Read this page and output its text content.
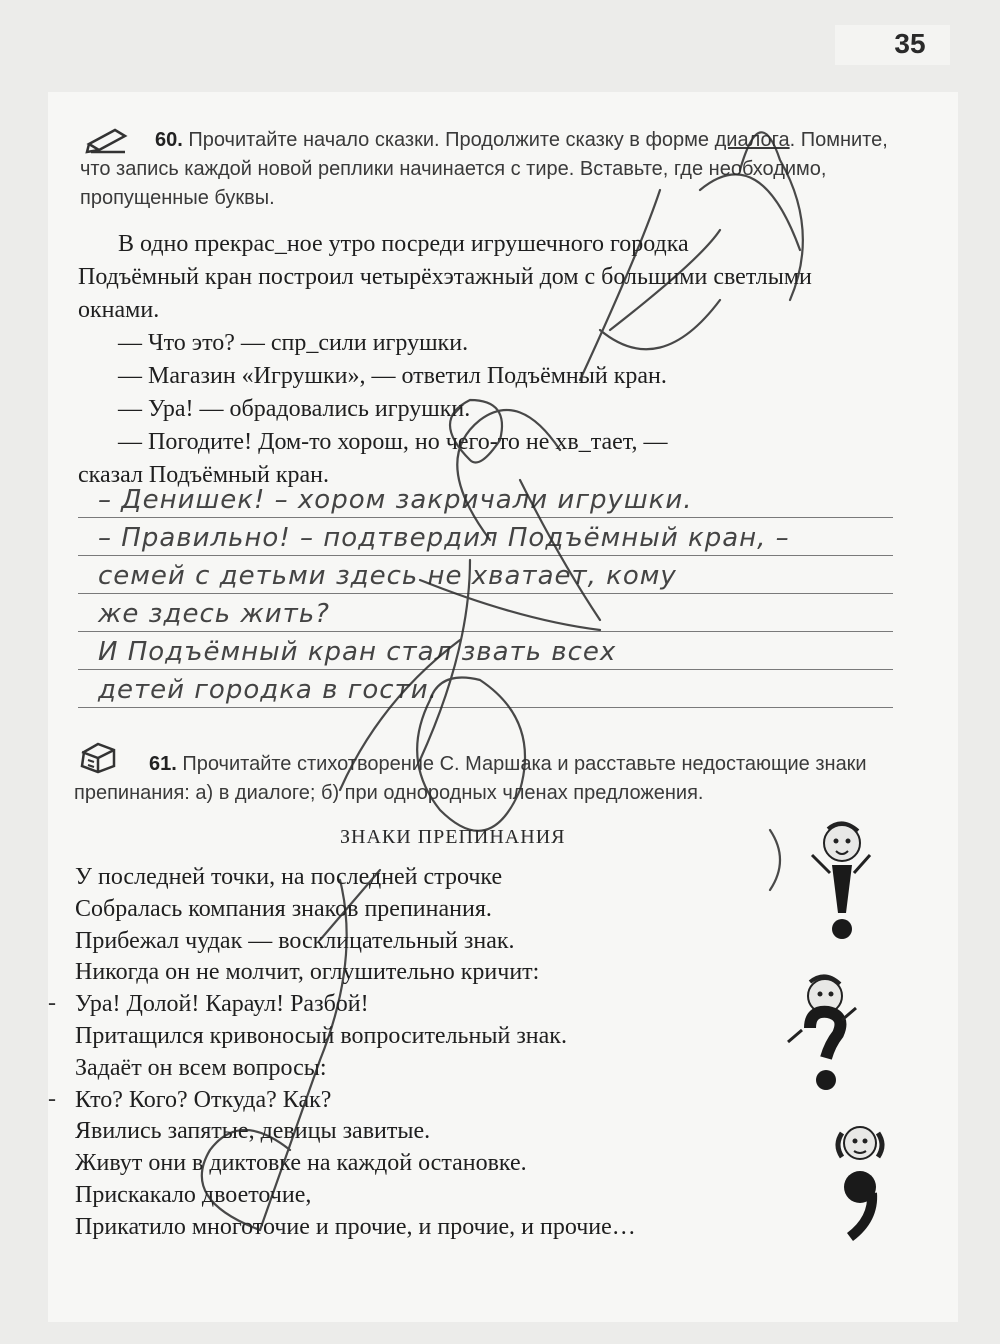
35
60. Прочитайте начало сказки. Продолжите сказку в форме диалога. Помните, что запись каждой новой реплики начинается с тире. Вставьте, где необходимо, пропущенные буквы.

В одно прекрас_ное утро посреди игрушечного городка

Подъёмный кран построил четырёхэтажный дом с большими светлыми окнами.

— Что это? — спр_сили игрушки.

— Магазин «Игрушки», — ответил Подъёмный кран.

— Ура! — обрадовались игрушки.

— Погодите! Дом-то хорош, но чего-то не хв_тает, —

сказал Подъёмный кран.

– Денишек! – хором закричали игрушки.
– Правильно! – подтвердил Подъёмный кран, –
семей с детьми здесь не хватает, кому
же здесь жить?
И Подъёмный кран стал звать всех
детей городка в гости.
61. Прочитайте стихотворение С. Маршака и расставьте недостающие знаки препинания: а) в диалоге; б) при однородных членах предложения.
ЗНАКИ ПРЕПИНАНИЯ
У последней точки, на последней строчке
Собралась компания знаков препинания.
Прибежал чудак — восклицательный знак.
Никогда он не молчит, оглушительно кричит:
Ура! Долой! Караул! Разбой!
Притащился кривоносый вопросительный знак.
Задаёт он всем вопросы:
Кто? Кого? Откуда? Как?
Явились запятые, девицы завитые.
Живут они в диктовке на каждой остановке.
Прискакало двоеточие,
Прикатило многоточие и прочие, и прочие, и прочие…
-
-
